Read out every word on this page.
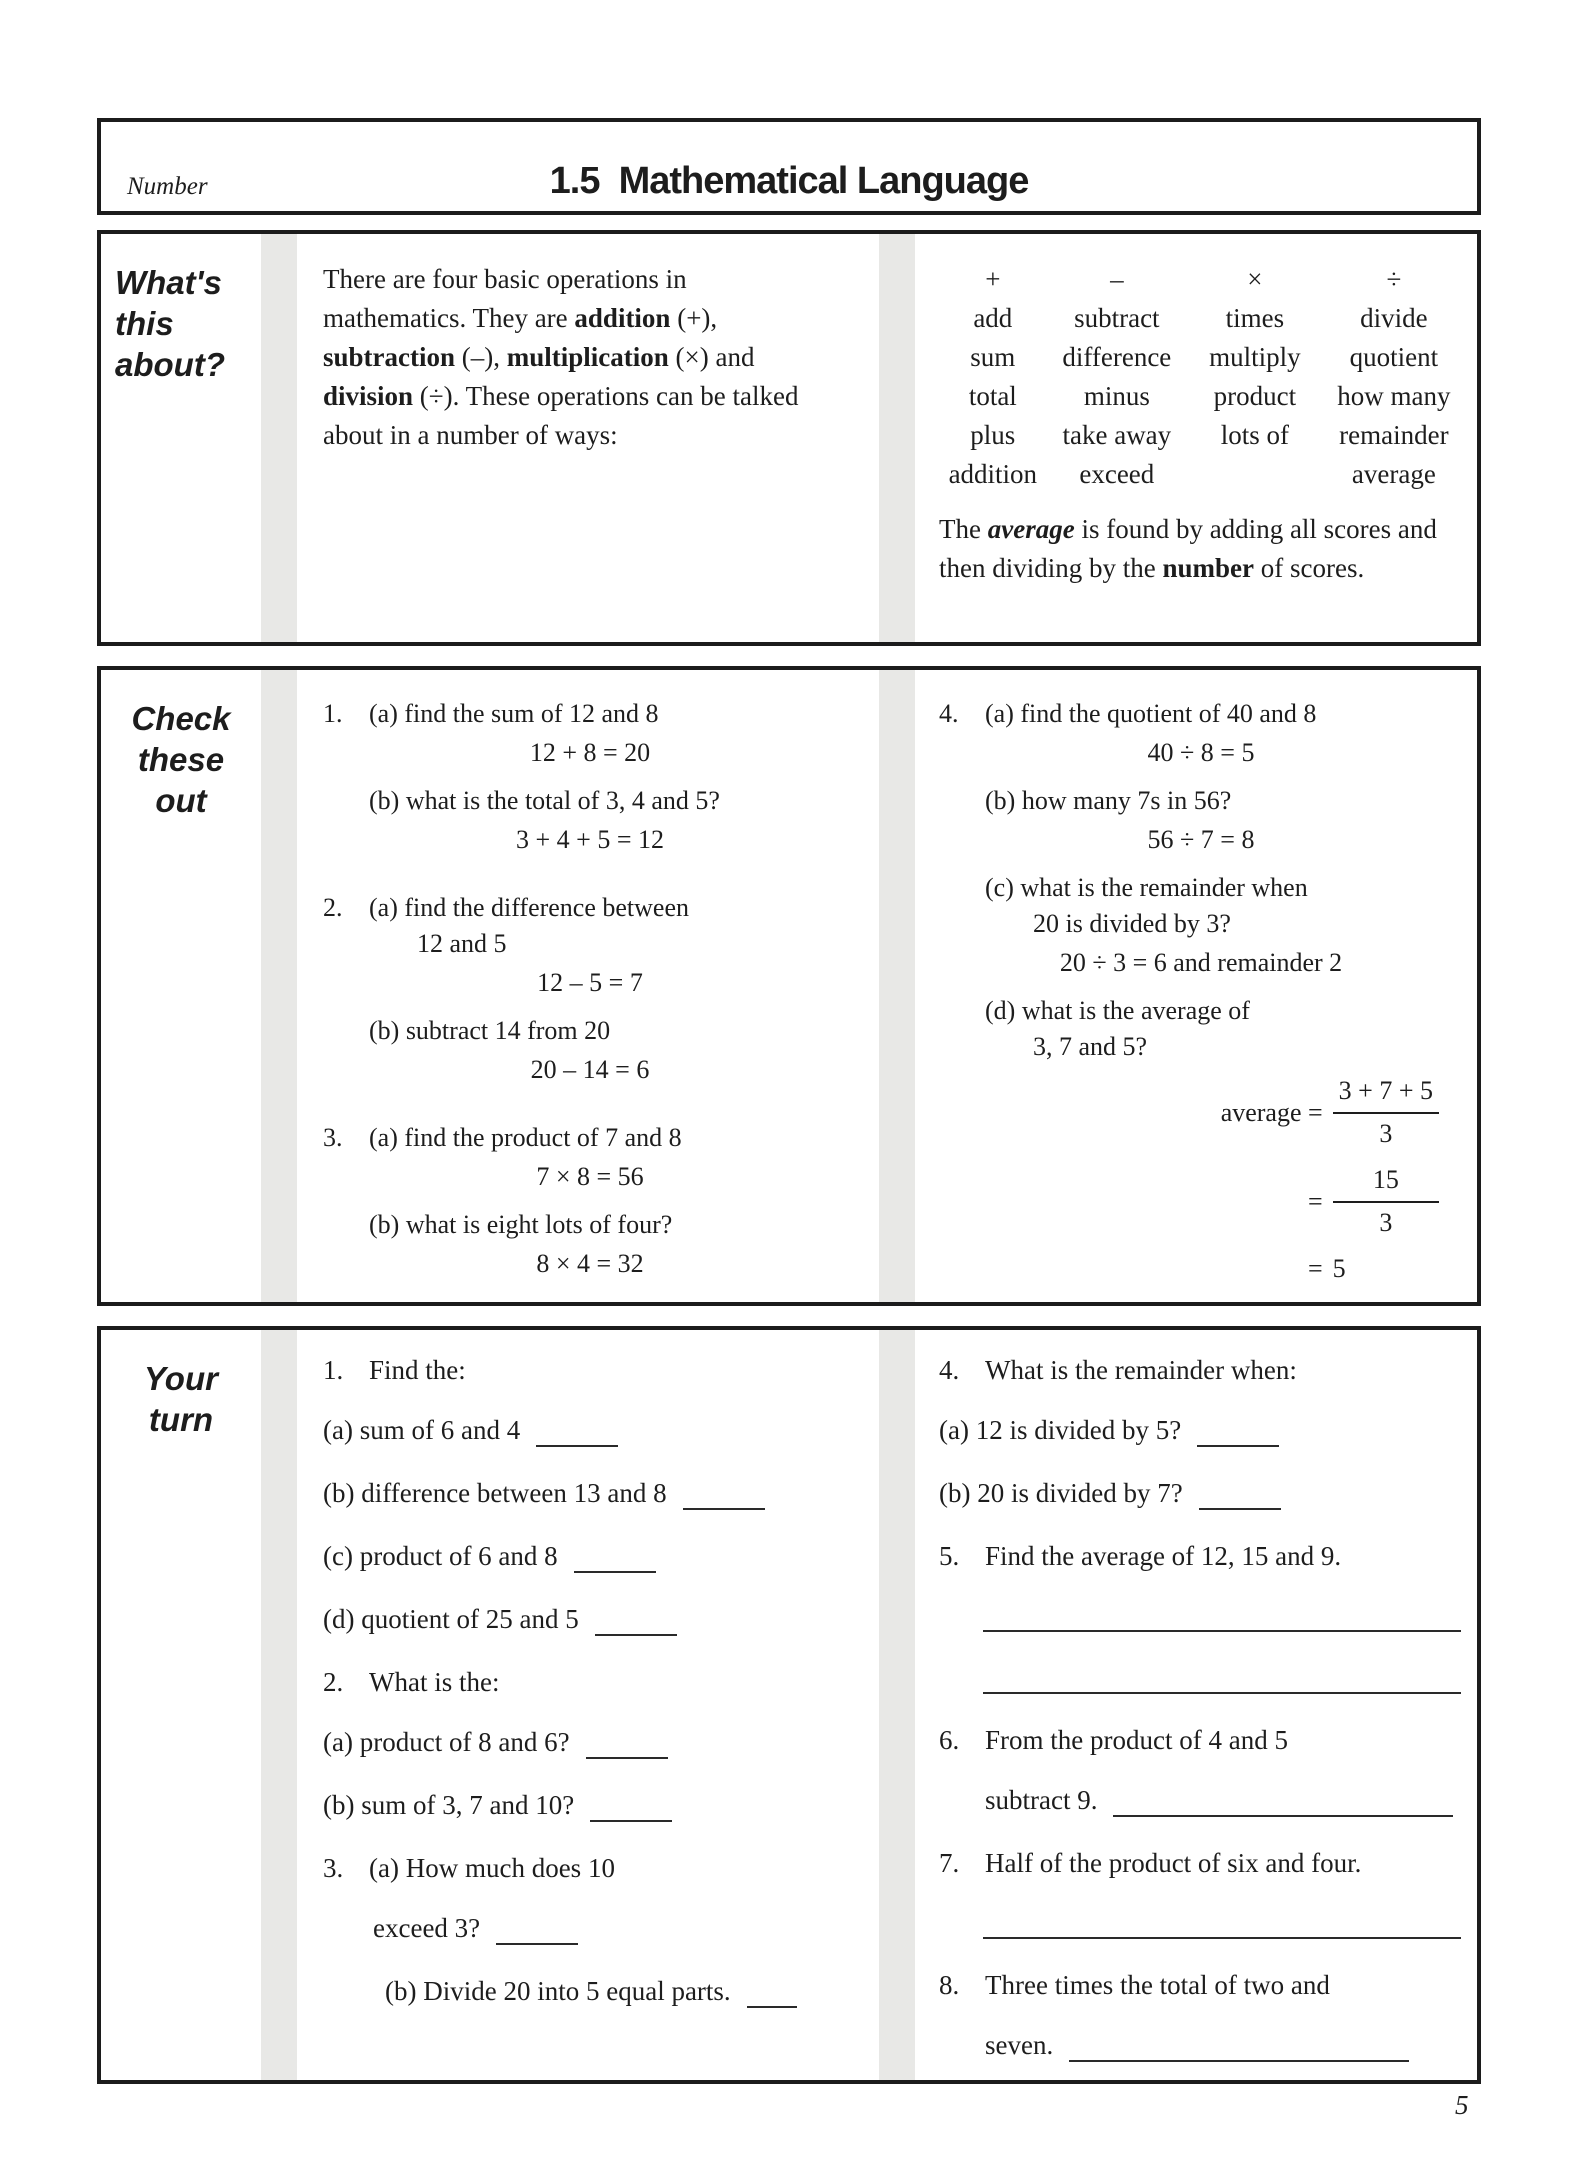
Number	1.5  Mathematical Language
What's
this
about?

There are four basic operations in mathematics. They are addition (+), subtraction (–), multiplication (×) and division (÷). These operations can be talked about in a number of ways:

+	–	×	÷
add	subtract	times	divide
sum	difference	multiply	quotient
total	minus	product	how many
plus	take away	lots of	remainder
addition	exceed		average

The average is found by adding all scores and then dividing by the number of scores.

Check
these
out
1.	(a) find the sum of 12 and 8
12 + 8 = 20
(b) what is the total of 3, 4 and 5?
3 + 4 + 5 = 12
2.	(a) find the difference between
12 and 5
12 – 5 = 7
(b) subtract 14 from 20
20 – 14 = 6
3.	(a) find the product of 7 and 8
7 × 8 = 56
(b) what is eight lots of four?
8 × 4 = 32
4.	(a) find the quotient of 40 and 8
40 ÷ 8 = 5
(b) how many 7s in 56?
56 ÷ 7 = 8
(c) what is the remainder when
20 is divided by 3?
20 ÷ 3 = 6 and remainder 2
(d) what is the average of
3, 7 and 5?
average = $\frac{3 + 7 + 5}{3}$
= $\frac{15}{3}$
= 5
Your
turn
1. Find the:
(a) sum of 6 and 4
(b) difference between 13 and 8
(c) product of 6 and 8
(d) quotient of 25 and 5
2. What is the:
(a) product of 8 and 6?
(b) sum of 3, 7 and 10?
3. (a) How much does 10
exceed 3?
(b) Divide 20 into 5 equal parts.
4. What is the remainder when:
(a) 12 is divided by 5?
(b) 20 is divided by 7?
5. Find the average of 12, 15 and 9.
6. From the product of 4 and 5
subtract 9.
7. Half of the product of six and four.
8. Three times the total of two and
seven.
5
